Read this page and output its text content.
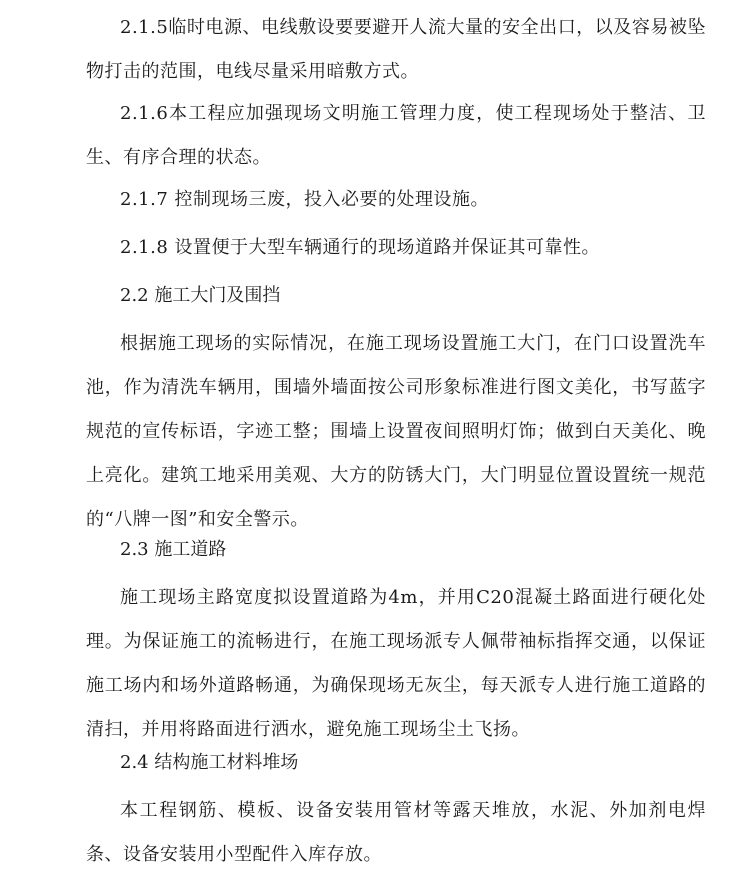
2.1.5临时电源、电线敷设要要避开人流大量的安全出口，以及容易被坠物打击的范围，电线尽量采用暗敷方式。

2.1.6本工程应加强现场文明施工管理力度，使工程现场处于整洁、卫生、有序合理的状态。

2.1.7 控制现场三废，投入必要的处理设施。

2.1.8 设置便于大型车辆通行的现场道路并保证其可靠性。

2.2 施工大门及围挡

根据施工现场的实际情况，在施工现场设置施工大门，在门口设置洗车池，作为清洗车辆用，围墙外墙面按公司形象标准进行图文美化，书写蓝字规范的宣传标语，字迹工整；围墙上设置夜间照明灯饰；做到白天美化、晚上亮化。建筑工地采用美观、大方的防锈大门，大门明显位置设置统一规范的“八牌一图”和安全警示。

2.3 施工道路

施工现场主路宽度拟设置道路为4m，并用C20混凝土路面进行硬化处理。为保证施工的流畅进行，在施工现场派专人佩带袖标指挥交通，以保证施工场内和场外道路畅通，为确保现场无灰尘，每天派专人进行施工道路的清扫，并用将路面进行洒水，避免施工现场尘土飞扬。

2.4 结构施工材料堆场

本工程钢筋、模板、设备安装用管材等露天堆放，水泥、外加剂电焊条、设备安装用小型配件入库存放。
